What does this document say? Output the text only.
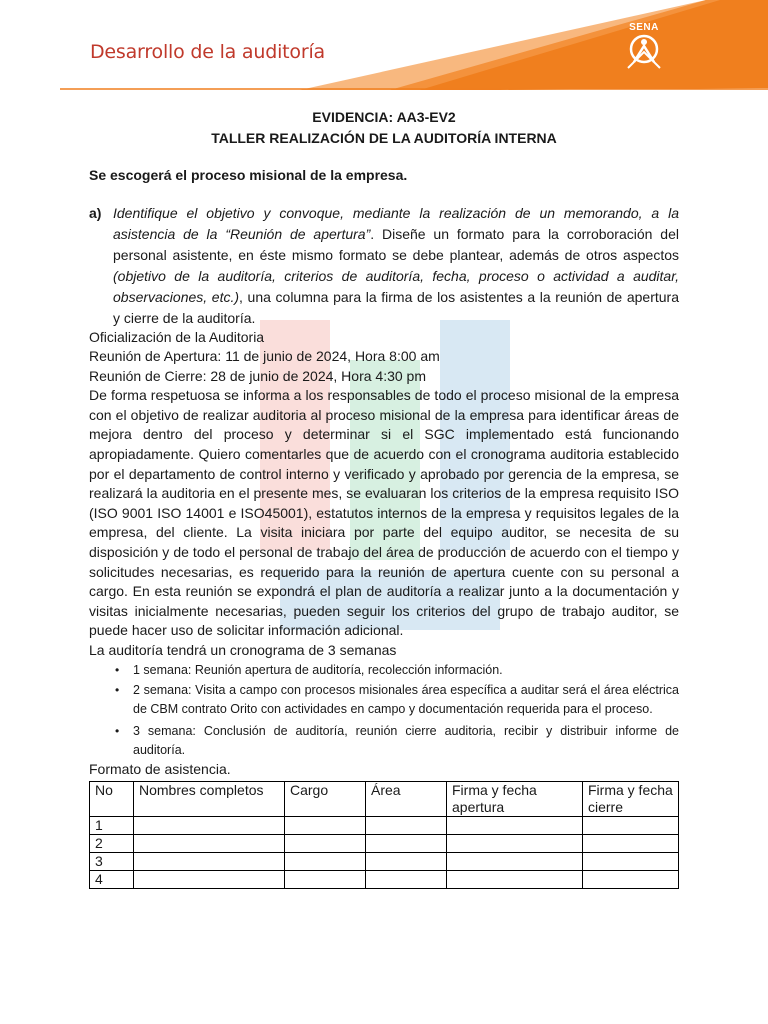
Desarrollo de la auditoría
SENA
EVIDENCIA: AA3-EV2
TALLER REALIZACIÓN DE LA AUDITORÍA INTERNA

Se escogerá el proceso misional de la empresa.

a) Identifique el objetivo y convoque, mediante la realización de un memorando, a la asistencia de la “Reunión de apertura”. Diseñe un formato para la corroboración del personal asistente, en éste mismo formato se debe plantear, además de otros aspectos (objetivo de la auditoría, criterios de auditoría, fecha, proceso o actividad a auditar, observaciones, etc.), una columna para la firma de los asistentes a la reunión de apertura y cierre de la auditoría.

Oficialización de la Auditoria

Reunión de Apertura: 11 de junio de 2024, Hora 8:00 am

Reunión de Cierre: 28 de junio de 2024, Hora 4:30 pm

De forma respetuosa se informa a los responsables de todo el proceso misional de la empresa con el objetivo de realizar auditoria al proceso misional de la empresa para identificar áreas de mejora dentro del proceso y determinar si el SGC implementado está funcionando apropiadamente. Quiero comentarles que de acuerdo con el cronograma auditoria establecido por el departamento de control interno y verificado y aprobado por gerencia de la empresa, se realizará la auditoria en el presente mes, se evaluaran los criterios de la empresa requisito ISO (ISO 9001 ISO 14001 e ISO45001), estatutos internos de la empresa y requisitos legales de la empresa, del cliente. La visita iniciara por parte del equipo auditor, se necesita de su disposición y de todo el personal de trabajo del área de producción de acuerdo con el tiempo y solicitudes necesarias, es requerido para la reunión de apertura cuente con su personal a cargo. En esta reunión se expondrá el plan de auditoría a realizar junto a la documentación y visitas inicialmente necesarias, pueden seguir los criterios del grupo de trabajo auditor, se puede hacer uso de solicitar información adicional.

La auditoría tendrá un cronograma de 3 semanas

• 1 semana: Reunión apertura de auditoría, recolección información.
• 2 semana: Visita a campo con procesos misionales área específica a auditar será el área eléctrica de CBM contrato Orito con actividades en campo y documentación requerida para el proceso.
• 3 semana: Conclusión de auditoría, reunión cierre auditoria, recibir y distribuir informe de auditoría.

Formato de asistencia.

No	Nombres completos	Cargo	Área	Firma y fecha apertura	Firma y fecha cierre
1					
2					
3					
4					
